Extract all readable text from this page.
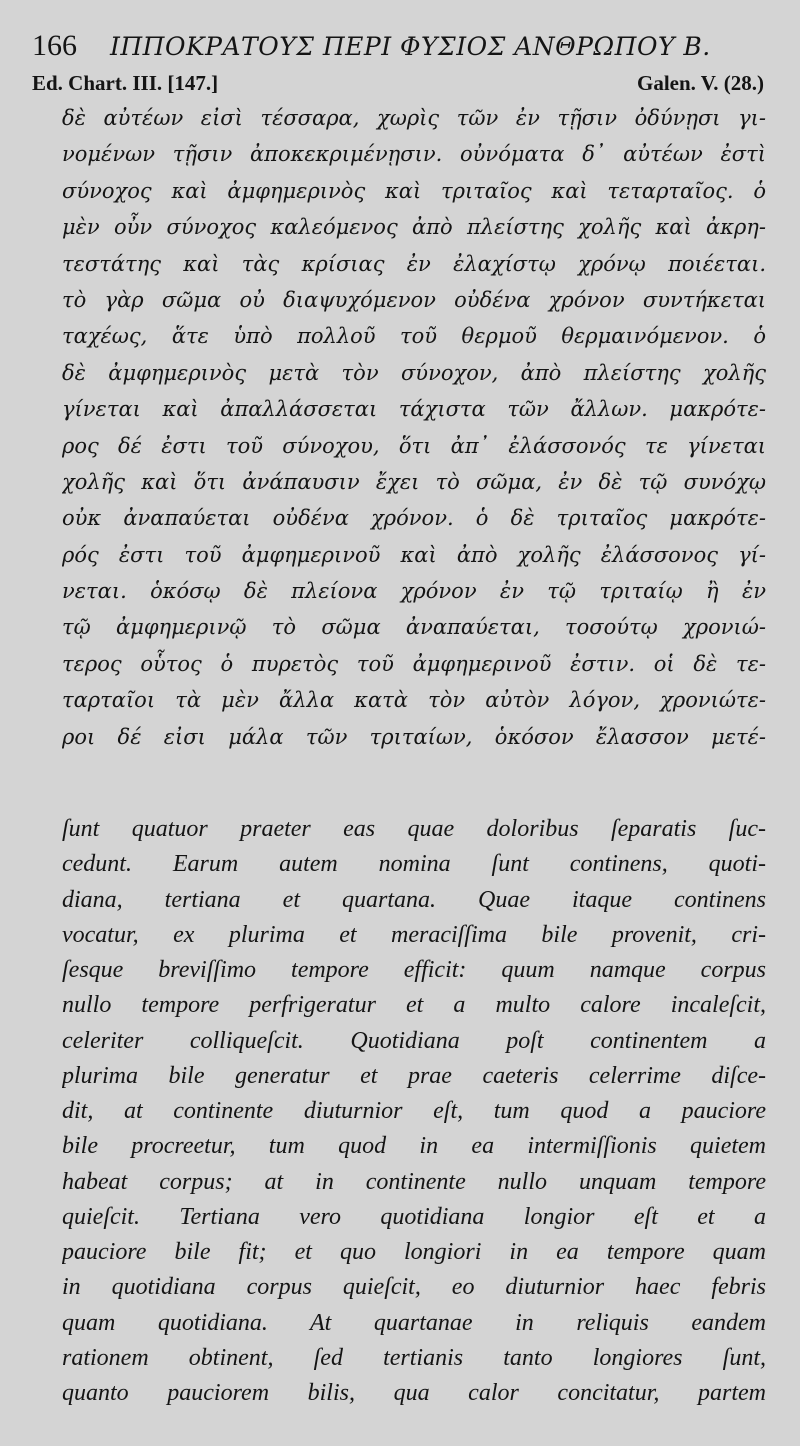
166 ΙΠΠΟΚΡΑΤΟΥΣ ΠΕΡΙ ΦΥΣΙΟΣ ΑΝΘΡΩΠΟΥ Β.
Ed. Chart. III. [147.]	Galen. V. (28.)
δὲ αὐτέων εἰσὶ τέσσαρα, χωρὶς τῶν ἐν τῇσιν ὀδύνῃσι γι-
νομένων τῇσιν ἀποκεκριμένῃσιν. οὐνόματα δ᾽ αὐτέων ἐστὶ
σύνοχος καὶ ἀμφημερινὸς καὶ τριταῖος καὶ τεταρταῖος. ὁ
μὲν οὖν σύνοχος καλεόμενος ἀπὸ πλείστης χολῆς καὶ ἀκρη-
τεστάτης καὶ τὰς κρίσιας ἐν ἐλαχίστῳ χρόνῳ ποιέεται.
τὸ γὰρ σῶμα οὐ διαψυχόμενον οὐδένα χρόνον συντήκεται
ταχέως, ἅτε ὑπὸ πολλοῦ τοῦ θερμοῦ θερμαινόμενον. ὁ
δὲ ἀμφημερινὸς μετὰ τὸν σύνοχον, ἀπὸ πλείστης χολῆς
γίνεται καὶ ἀπαλλάσσεται τάχιστα τῶν ἄλλων. μακρότε-
ρος δέ ἐστι τοῦ σύνοχου, ὅτι ἀπ᾽ ἐλάσσονός τε γίνεται
χολῆς καὶ ὅτι ἀνάπαυσιν ἔχει τὸ σῶμα, ἐν δὲ τῷ συνόχῳ
οὐκ ἀναπαύεται οὐδένα χρόνον. ὁ δὲ τριταῖος μακρότε-
ρός ἐστι τοῦ ἀμφημερινοῦ καὶ ἀπὸ χολῆς ἐλάσσονος γί-
νεται. ὁκόσῳ δὲ πλείονα χρόνον ἐν τῷ τριταίῳ ἢ ἐν
τῷ ἀμφημερινῷ τὸ σῶμα ἀναπαύεται, τοσούτῳ χρονιώ-
τερος οὗτος ὁ πυρετὸς τοῦ ἀμφημερινοῦ ἐστιν. οἱ δὲ τε-
ταρταῖοι τὰ μὲν ἄλλα κατὰ τὸν αὐτὸν λόγον, χρονιώτε-
ροι δέ εἰσι μάλα τῶν τριταίων, ὁκόσον ἔλασσον μετέ-
ſunt quatuor praeter eas quae doloribus ſeparatis ſuc-
cedunt. Earum autem nomina ſunt continens, quoti-
diana, tertiana et quartana. Quae itaque continens
vocatur, ex plurima et meraciſſima bile provenit, cri-
ſesque breviſſimo tempore efficit: quum namque corpus
nullo tempore perfrigeratur et a multo calore incaleſcit,
celeriter colliqueſcit. Quotidiana poſt continentem a
plurima bile generatur et prae caeteris celerrime diſce-
dit, at continente diuturnior eſt, tum quod a pauciore
bile procreetur, tum quod in ea intermiſſionis quietem
habeat corpus; at in continente nullo unquam tempore
quieſcit. Tertiana vero quotidiana longior eſt et a
pauciore bile fit; et quo longiori in ea tempore quam
in quotidiana corpus quieſcit, eo diuturnior haec febris
quam quotidiana. At quartanae in reliquis eandem
rationem obtinent, ſed tertianis tanto longiores ſunt,
quanto pauciorem bilis, qua calor concitatur, partem
